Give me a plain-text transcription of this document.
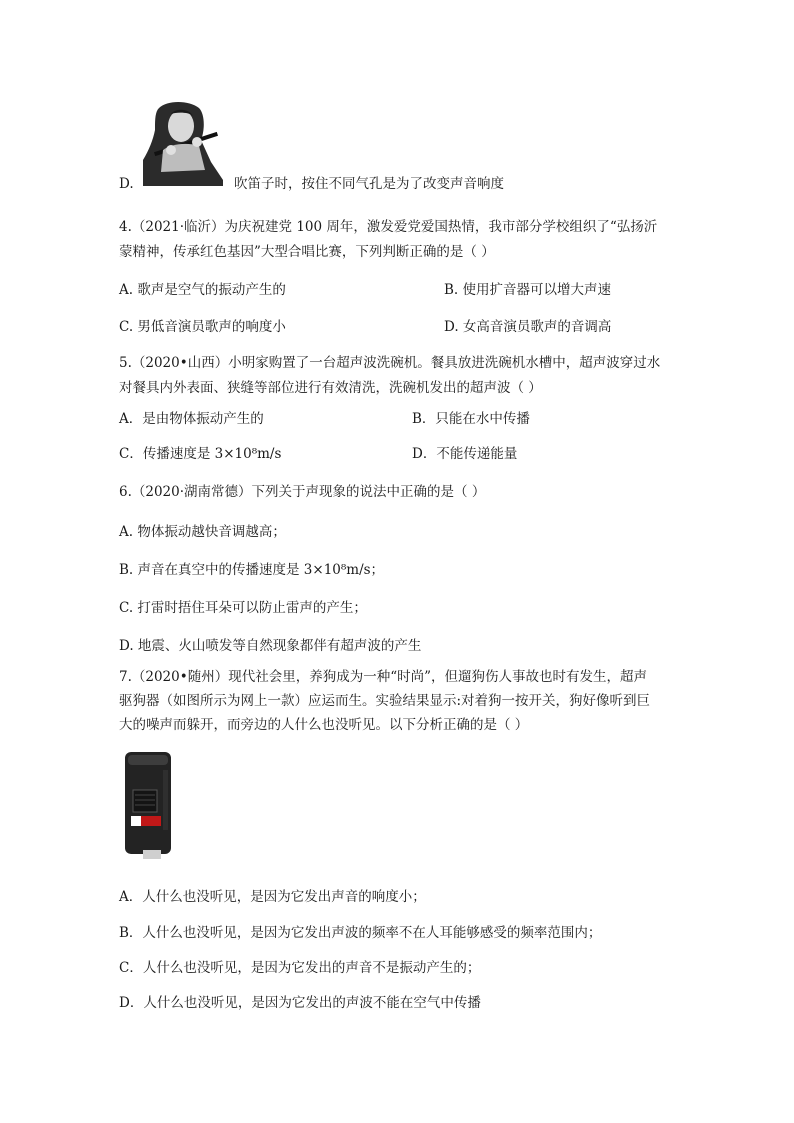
D.	吹笛子时，按住不同气孔是为了改变声音响度
4.（2021·临沂）为庆祝建党 100 周年，激发爱党爱国热情，我市部分学校组织了“弘扬沂
蒙精神，传承红色基因”大型合唱比赛，下列判断正确的是（ ）
A. 歌声是空气的振动产生的	B. 使用扩音器可以增大声速
C. 男低音演员歌声的响度小	D. 女高音演员歌声的音调高
5.（2020•山西）小明家购置了一台超声波洗碗机。餐具放进洗碗机水槽中，超声波穿过水
对餐具内外表面、狭缝等部位进行有效清洗，洗碗机发出的超声波（ ）
A．是由物体振动产生的	B．只能在水中传播
C．传播速度是 3×10⁸m/s	D．不能传递能量
6.（2020·湖南常德）下列关于声现象的说法中正确的是（ ）
A. 物体振动越快音调越高；
B. 声音在真空中的传播速度是 3×10⁸m/s；
C. 打雷时捂住耳朵可以防止雷声的产生；
D. 地震、火山喷发等自然现象都伴有超声波的产生
7.（2020•随州）现代社会里，养狗成为一种“时尚”，但遛狗伤人事故也时有发生，超声
驱狗器（如图所示为网上一款）应运而生。实验结果显示:对着狗一按开关，狗好像听到巨
大的噪声而躲开，而旁边的人什么也没听见。以下分析正确的是（ ）
A．人什么也没听见，是因为它发出声音的响度小；
B．人什么也没听见，是因为它发出声波的频率不在人耳能够感受的频率范围内；
C．人什么也没听见，是因为它发出的声音不是振动产生的；
D．人什么也没听见，是因为它发出的声波不能在空气中传播
